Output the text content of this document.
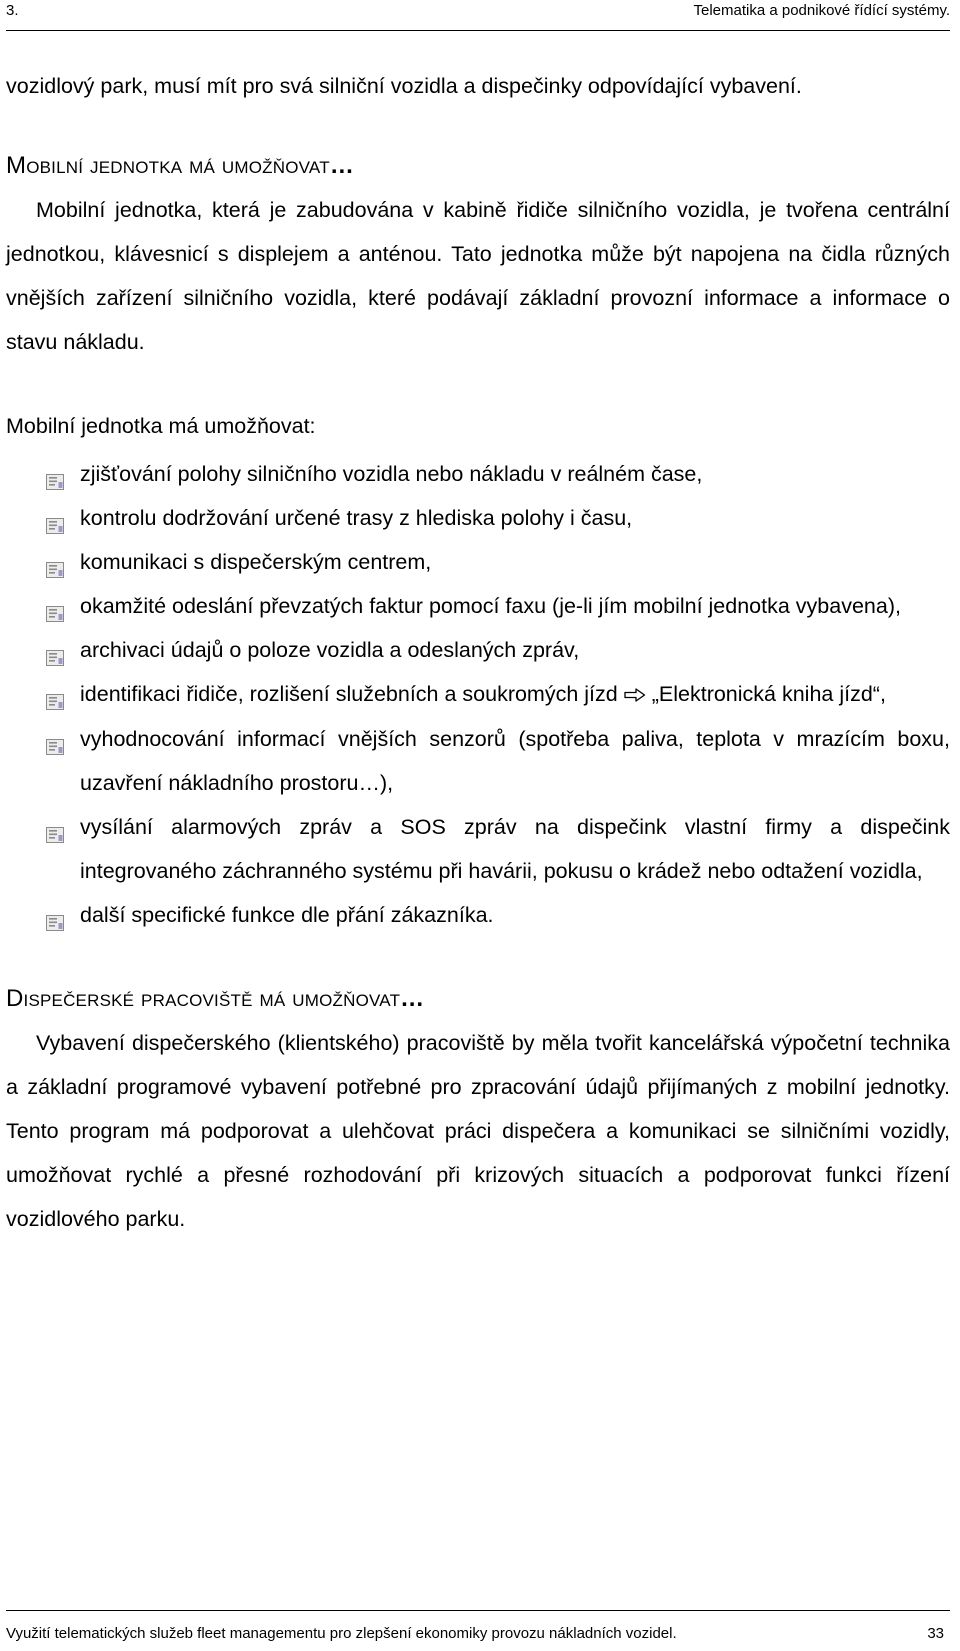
3.	Telematika a podnikové řídící systémy.

vozidlový park, musí mít pro svá silniční vozidla a dispečinky odpovídající vybavení.

Mobilní jednotka má umožňovat…

Mobilní jednotka, která je zabudována v kabině řidiče silničního vozidla, je tvořena centrální jednotkou, klávesnicí s displejem a anténou. Tato jednotka může být napojena na čidla různých vnějších zařízení silničního vozidla, které podávají základní provozní informace a informace o stavu nákladu.

Mobilní jednotka má umožňovat:

zjišťování polohy silničního vozidla nebo nákladu v reálném čase,
kontrolu dodržování určené trasy z hlediska polohy i času,
komunikaci s dispečerským centrem,
okamžité odeslání převzatých faktur pomocí faxu (je-li jím mobilní jednotka vybavena),
archivaci údajů o poloze vozidla a odeslaných zpráv,
identifikaci řidiče, rozlišení služebních a soukromých jízd „Elektronická kniha jízd“,
vyhodnocování informací vnějších senzorů (spotřeba paliva, teplota v mrazícím boxu, uzavření nákladního prostoru…),
vysílání alarmových zpráv a SOS zpráv na dispečink vlastní firmy a dispečink integrovaného záchranného systému při havárii, pokusu o krádež nebo odtažení vozidla,
další specifické funkce dle přání zákazníka.
Dispečerské pracoviště má umožňovat…

Vybavení dispečerského (klientského) pracoviště by měla tvořit kancelářská výpočetní technika a základní programové vybavení potřebné pro zpracování údajů přijímaných z mobilní jednotky. Tento program má podporovat a ulehčovat práci dispečera a komunikaci se silničními vozidly, umožňovat rychlé a přesné rozhodování při krizových situacích a podporovat funkci řízení vozidlového parku.

Využití telematických služeb fleet managementu pro zlepšení ekonomiky provozu nákladních vozidel.	33
